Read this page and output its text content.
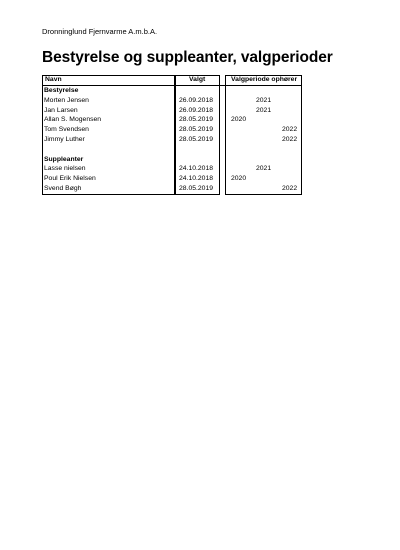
Dronninglund Fjernvarme A.m.b.A.
Bestyrelse og suppleanter, valgperioder
Navn	Valgt	Valgperiode ophører
Bestyrelse
Morten Jensen	26.09.2018	2021
Jan Larsen	26.09.2018	2021
Allan S. Mogensen	28.05.2019	2020
Tom Svendsen	28.05.2019	2022
Jimmy Luther	28.05.2019	2022
Suppleanter
Lasse nielsen	24.10.2018	2021
Poul Erik Nielsen	24.10.2018	2020
Svend Bøgh	28.05.2019	2022
